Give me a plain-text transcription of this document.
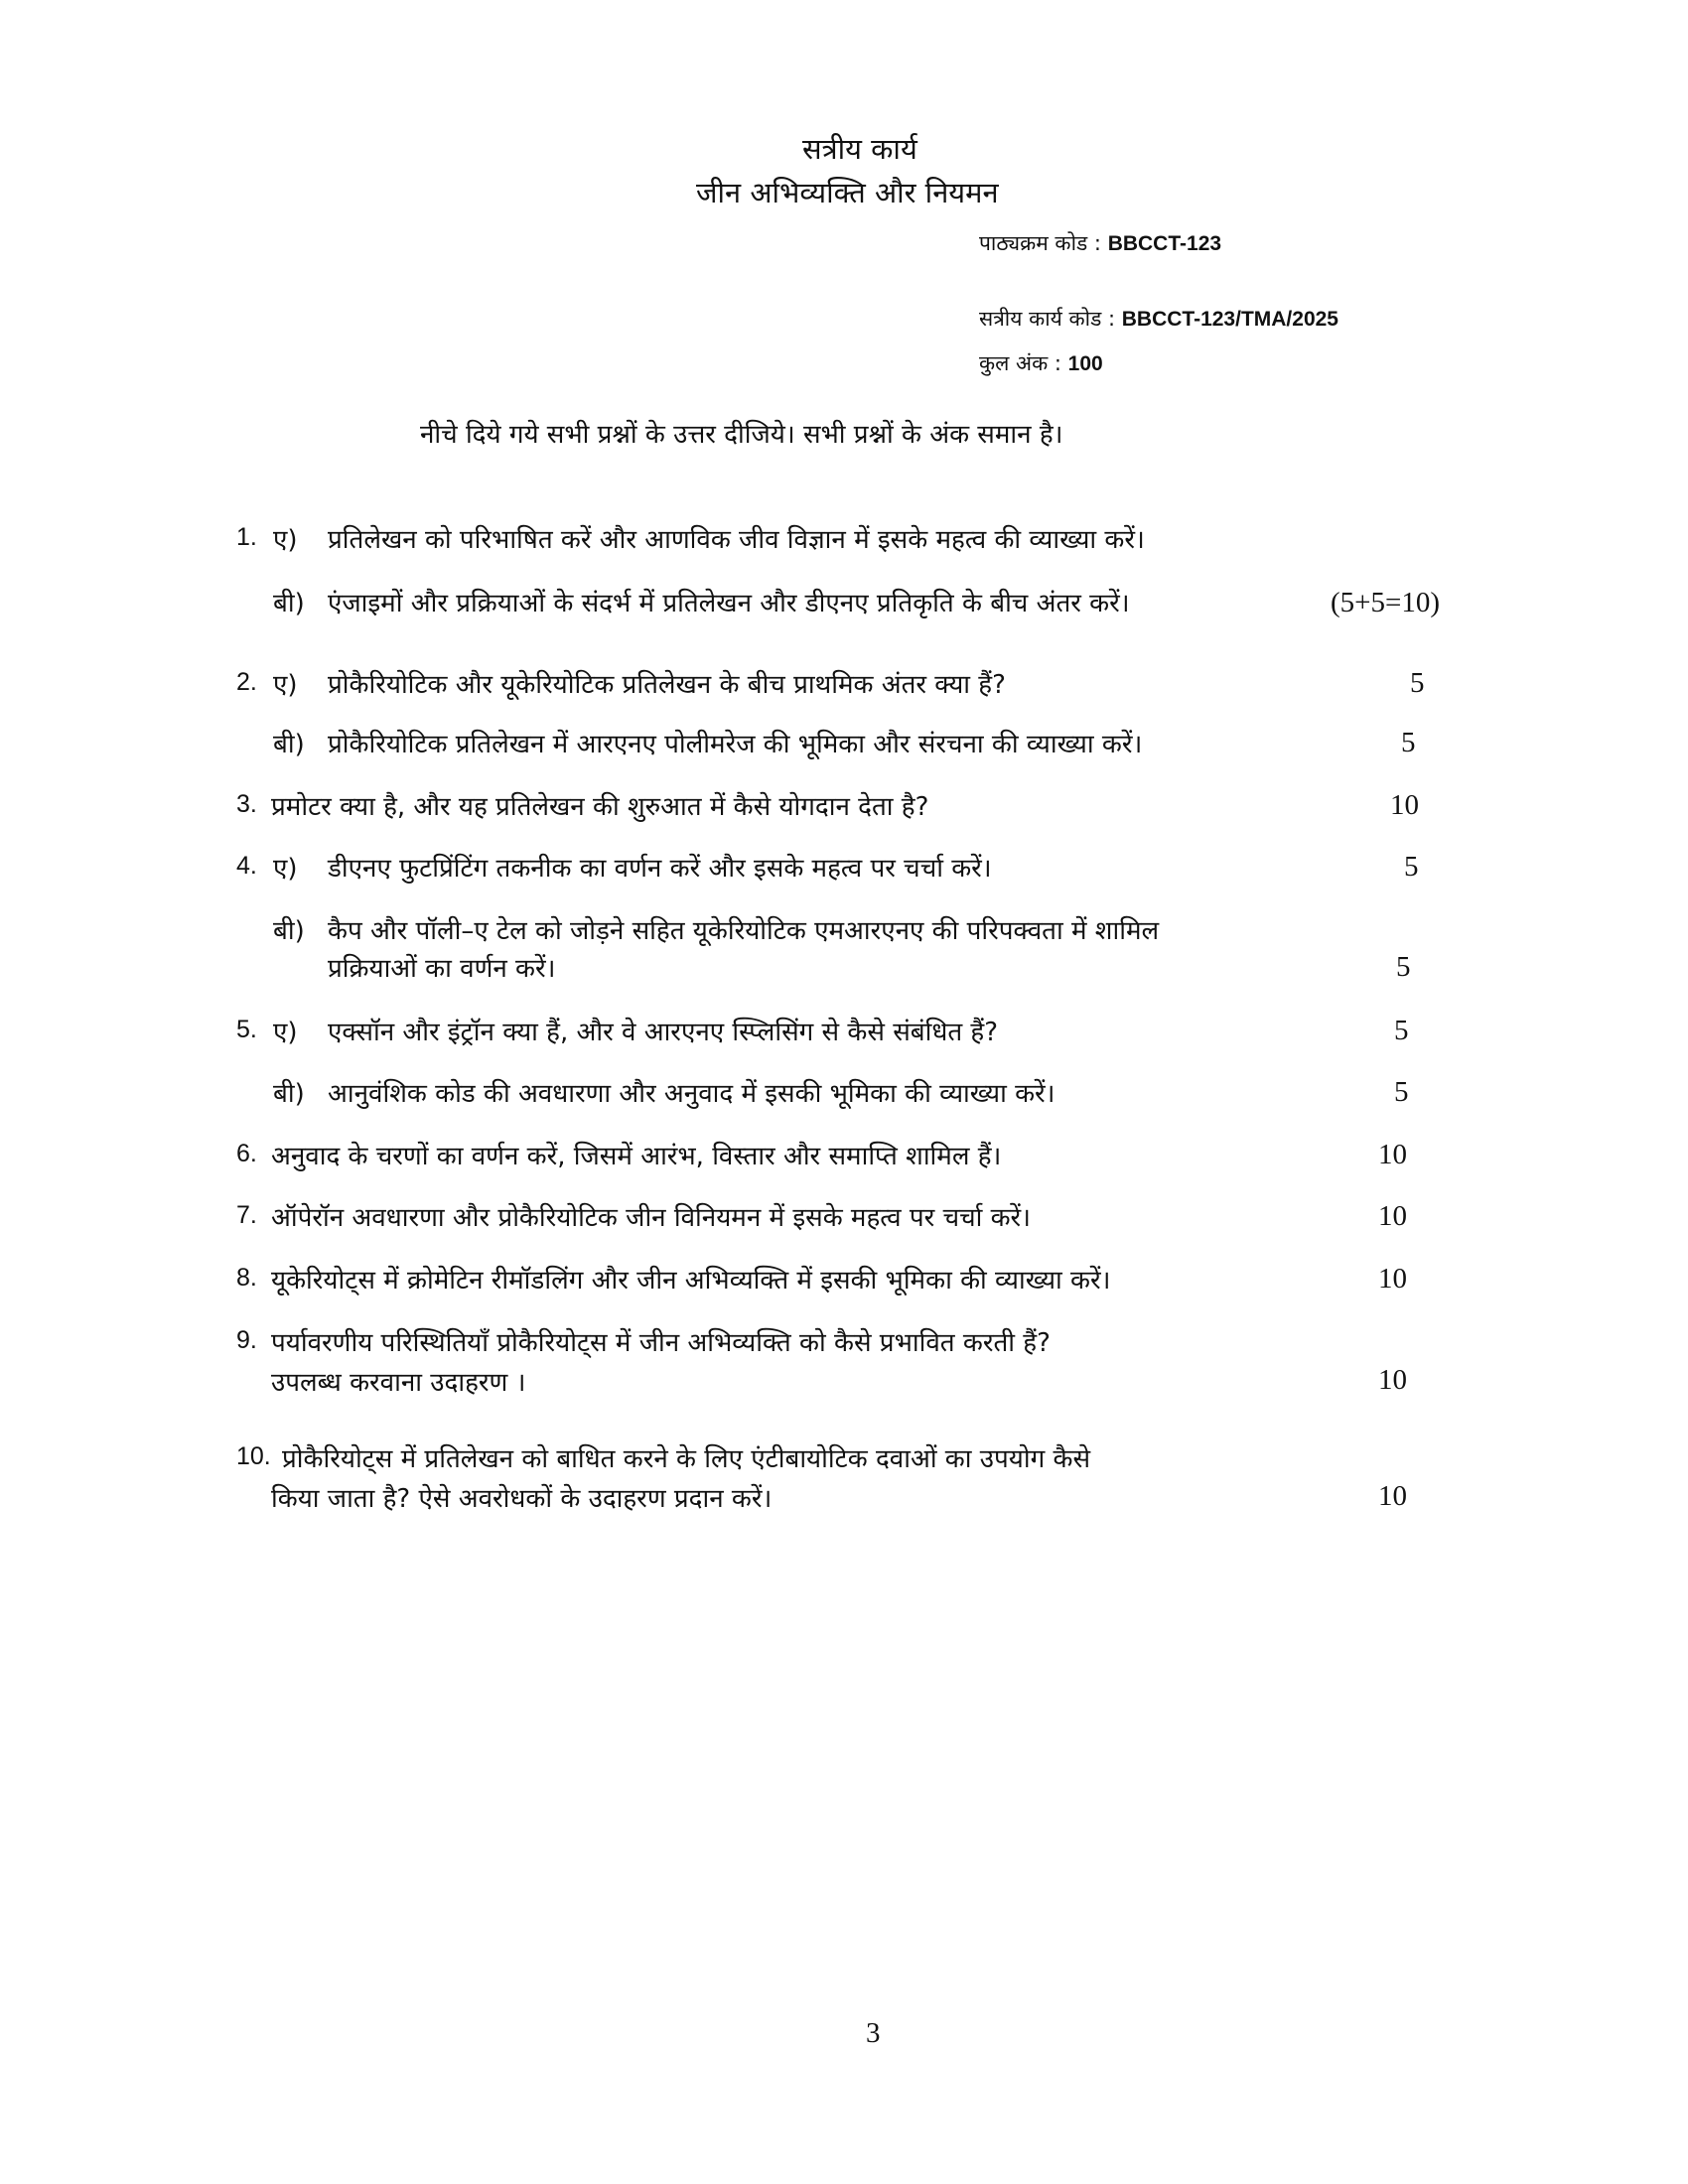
सत्रीय कार्य
जीन अभिव्यक्ति और नियमन
पाठ्यक्रम कोड : BBCCT-123
सत्रीय कार्य कोड : BBCCT-123/TMA/2025
कुल अंक : 100
नीचे दिये गये सभी प्रश्नों के उत्तर दीजिये। सभी प्रश्नों के अंक समान है।
1. ए) प्रतिलेखन को परिभाषित करें और आणविक जीव विज्ञान में इसके महत्व की व्याख्या करें।
बी) एंजाइमों और प्रक्रियाओं के संदर्भ में प्रतिलेखन और डीएनए प्रतिकृति के बीच अंतर करें।	(5+5=10)
2. ए) प्रोकैरियोटिक और यूकेरियोटिक प्रतिलेखन के बीच प्राथमिक अंतर क्या हैं?	5
बी) प्रोकैरियोटिक प्रतिलेखन में आरएनए पोलीमरेज की भूमिका और संरचना की व्याख्या करें।	5
3. प्रमोटर क्या है, और यह प्रतिलेखन की शुरुआत में कैसे योगदान देता है?	10
4. ए) डीएनए फुटप्रिंटिंग तकनीक का वर्णन करें और इसके महत्व पर चर्चा करें।	5
बी) कैप और पॉली–ए टेल को जोड़ने सहित यूकेरियोटिक एमआरएनए की परिपक्वता में शामिल
प्रक्रियाओं का वर्णन करें।	5
5. ए) एक्सॉन और इंट्रॉन क्या हैं, और वे आरएनए स्प्लिसिंग से कैसे संबंधित हैं?	5
बी) आनुवंशिक कोड की अवधारणा और अनुवाद में इसकी भूमिका की व्याख्या करें।	5
6. अनुवाद के चरणों का वर्णन करें, जिसमें आरंभ, विस्तार और समाप्ति शामिल हैं।	10
7. ऑपेरॉन अवधारणा और प्रोकैरियोटिक जीन विनियमन में इसके महत्व पर चर्चा करें।	10
8. यूकेरियोट्स में क्रोमेटिन रीमॉडलिंग और जीन अभिव्यक्ति में इसकी भूमिका की व्याख्या करें।	10
9. पर्यावरणीय परिस्थितियाँ प्रोकैरियोट्स में जीन अभिव्यक्ति को कैसे प्रभावित करती हैं?
उपलब्ध करवाना उदाहरण ।	10
10. प्रोकैरियोट्स में प्रतिलेखन को बाधित करने के लिए एंटीबायोटिक दवाओं का उपयोग कैसे
किया जाता है? ऐसे अवरोधकों के उदाहरण प्रदान करें।	10
3
